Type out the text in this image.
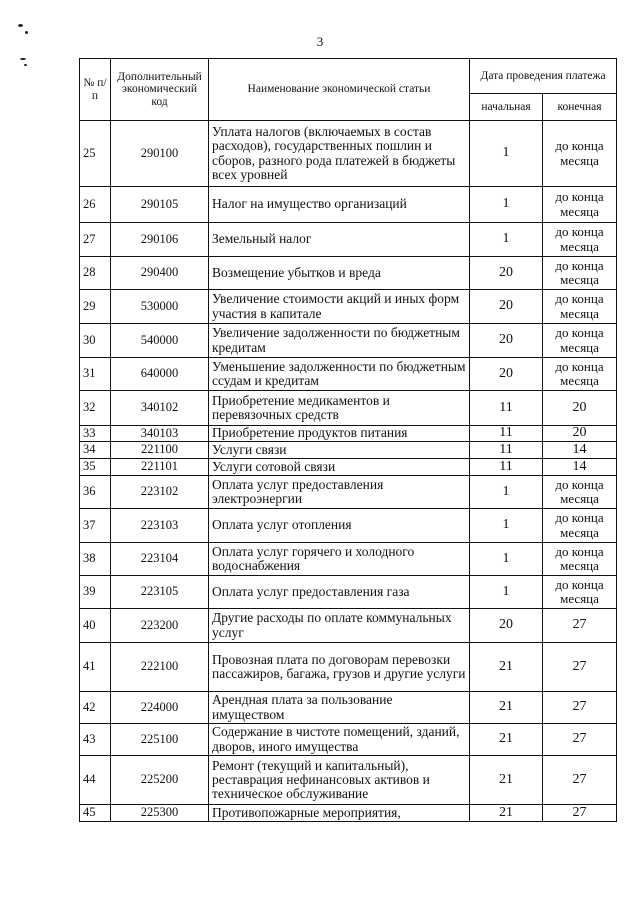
3
№ п/п	Дополнительный экономический код	Наименование экономической статьи	Дата проведения платежа	
			начальная	конечная
25	290100	Уплата налогов (включаемых в состав расходов), государственных пошлин и сборов, разного рода платежей в бюджеты всех уровней	1	до конца месяца
26	290105	Налог на имущество организаций	1	до конца месяца
27	290106	Земельный налог	1	до конца месяца
28	290400	Возмещение убытков и вреда	20	до конца месяца
29	530000	Увеличение стоимости акций и иных форм участия в капитале	20	до конца месяца
30	540000	Увеличение задолженности по бюджетным кредитам	20	до конца месяца
31	640000	Уменьшение задолженности по бюджетным ссудам и кредитам	20	до конца месяца
32	340102	Приобретение медикаментов и перевязочных средств	11	20
33	340103	Приобретение продуктов питания	11	20
34	221100	Услуги связи	11	14
35	221101	Услуги сотовой связи	11	14
36	223102	Оплата услуг предоставления электроэнергии	1	до конца месяца
37	223103	Оплата услуг отопления	1	до конца месяца
38	223104	Оплата услуг горячего и холодного водоснабжения	1	до конца месяца
39	223105	Оплата услуг предоставления газа	1	до конца месяца
40	223200	Другие расходы по оплате коммунальных услуг	20	27
41	222100	Провозная плата по договорам перевозки пассажиров, багажа, грузов и другие услуги	21	27
42	224000	Арендная плата за пользование имуществом	21	27
43	225100	Содержание в чистоте помещений, зданий, дворов, иного имущества	21	27
44	225200	Ремонт (текущий и капитальный), реставрация нефинансовых активов и техническое обслуживание	21	27
45	225300	Противопожарные мероприятия,	21	27
